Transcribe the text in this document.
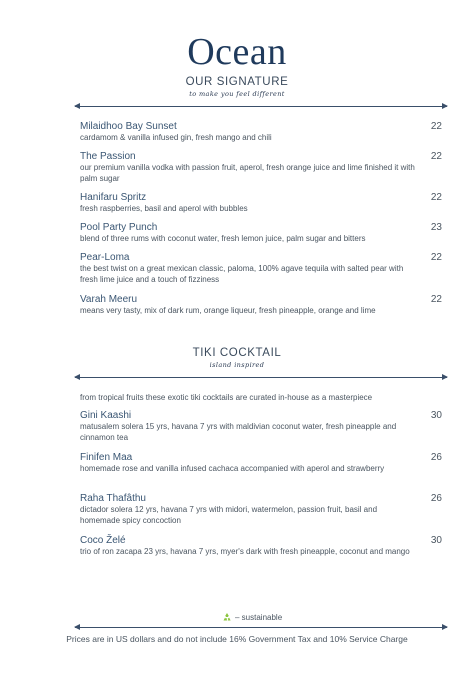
Ocean
OUR SIGNATURE
to make you feel different
Milaidhoo Bay Sunset
cardamom & vanilla infused gin, fresh mango and chili
22
The Passion
our premium vanilla vodka with passion fruit, aperol, fresh orange juice and lime finished it with palm sugar
22
Hanifaru Spritz
fresh raspberries, basil and aperol with bubbles
22
Pool Party Punch
blend of three rums with coconut water, fresh lemon juice, palm sugar and bitters
23
Pear-Loma
the best twist on a great mexican classic, paloma, 100% agave tequila with salted pear with fresh lime juice and a touch of fizziness
22
Varah Meeru
means very tasty, mix of dark rum, orange liqueur, fresh pineapple, orange and lime
22
TIKI COCKTAIL
island inspired
from tropical fruits these exotic tiki cocktails are curated in-house as a masterpiece
Gini Kaashi
matusalem solera 15 yrs, havana 7 yrs with maldivian coconut water, fresh pineapple and cinnamon tea
30
Finifen Maa
homemade rose and vanilla infused cachaca accompanied with aperol and strawberry
26
Raha Thafâthu
dictador solera 12 yrs, havana 7 yrs with midori, watermelon, passion fruit, basil and homemade spicy concoction
26
Coco Želé
trio of ron zacapa 23 yrs, havana 7 yrs, myer's dark with fresh pineapple, coconut and mango
30
– sustainable
Prices are in US dollars and do not include 16% Government Tax and 10% Service Charge
